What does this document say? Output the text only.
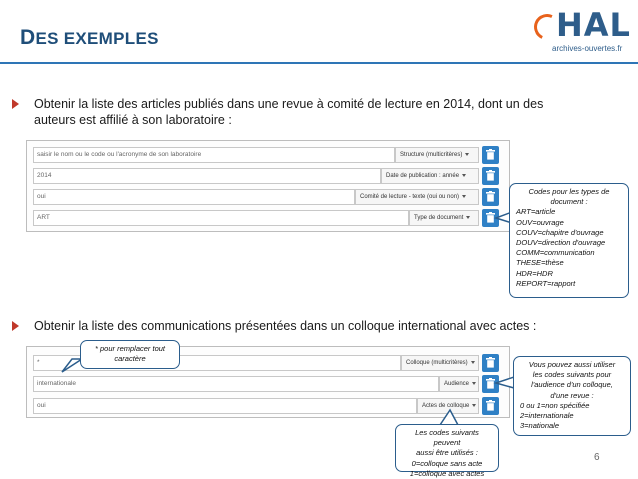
DES EXEMPLES	HAL
archives-ouvertes.fr
Obtenir la liste des articles publiés dans une revue à comité de lecture en 2014, dont un des
auteurs est affilié à son laboratoire :
saisir le nom ou le code ou l'acronyme de son laboratoire	Structure (multicritères)
2014	Date de publication : année
oui	Comité de lecture - texte (oui ou non)
ART	Type de document
Codes pour les types de
document :
ART=article
OUV=ouvrage
COUV=chapitre d'ouvrage
DOUV=direction d'ouvrage
COMM=communication
THESE=thèse
HDR=HDR
REPORT=rapport
Obtenir la liste des communications présentées dans un colloque international avec actes :
*	Colloque (multicritères)
internationale	Audience
oui	Actes de colloque
* pour remplacer tout
caractère
Vous pouvez aussi utiliser
les codes suivants pour
l'audience d'un colloque,
d'une revue :
0 ou 1=non spécifiée
2=internationale
3=nationale
Les codes suivants peuvent
aussi être utilisés :
0=colloque sans acte
1=colloque avec actes
6
